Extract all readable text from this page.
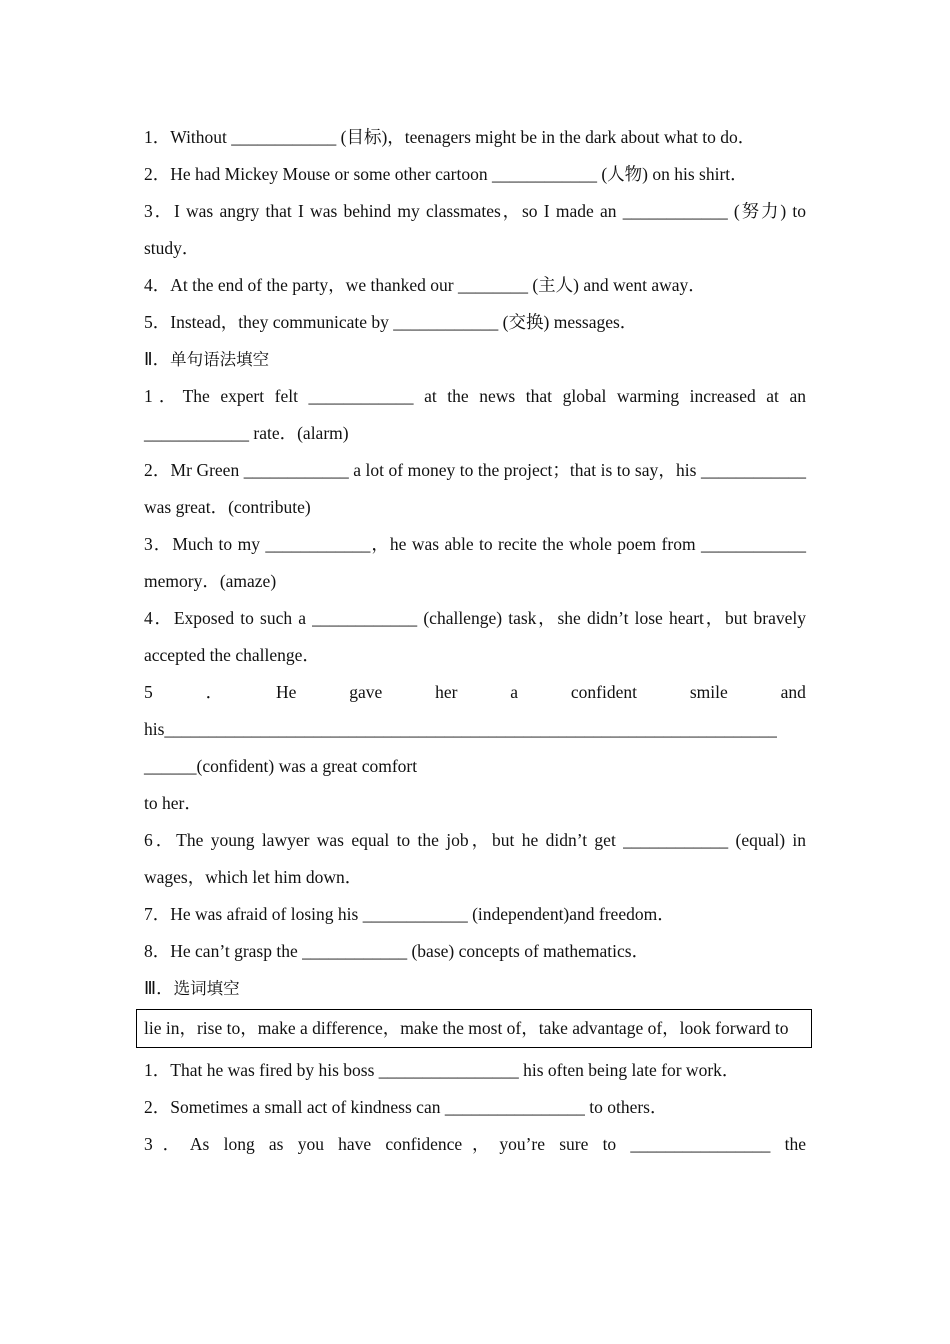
1．Without ____________ (目标)，teenagers might be in the dark about what to do．

2．He had Mickey Mouse or some other cartoon ____________ (人物) on his shirt．

3．I was angry that I was behind my classmates，so I made an ____________ (努力) to study．

4．At the end of the party，we thanked our ________ (主人) and went away．

5．Instead，they communicate by ____________ (交换) messages．

Ⅱ．单句语法填空

1．The expert felt ____________ at the news that global warming increased at an ____________ rate．(alarm)

2．Mr Green ____________ a lot of money to the project；that is to say，his ____________ was great．(contribute)

3．Much to my ____________，he was able to recite the whole poem from ____________ memory．(amaze)

4．Exposed to such a ____________ (challenge) task，she didn’t lose heart，but bravely accepted the challenge．

5	．	He	gave	her	a	confident	smile	and

his______________________________________________________________________

______(confident) was a great comfort

to her．

6．The young lawyer was equal to the job，but he didn’t get ____________ (equal) in wages，which let him down．

7．He was afraid of losing his ____________ (independent)and freedom．

8．He can’t grasp the ____________ (base) concepts of mathematics．

Ⅲ．选词填空

lie in，rise to，make a difference，make the most of，take advantage of，look forward to

1．That he was fired by his boss ________________ his often being late for work．

2．Sometimes a small act of kindness can ________________ to others．

3．As long as you have confidence，you’re sure to ________________ the
